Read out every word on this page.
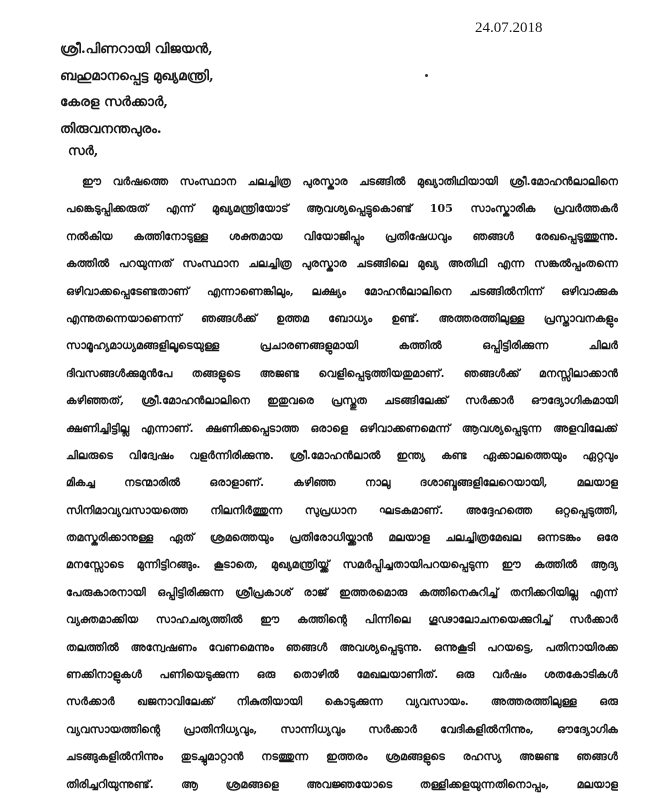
24.07.2018
ശ്രീ.പിണറായി വിജയൻ,
ബഹുമാനപ്പെട്ട മുഖ്യമന്ത്രി,
കേരള സർക്കാർ,
തിരുവനന്തപുരം.
സർ,
ഈ വർഷത്തെ സംസ്ഥാന ചലച്ചിത്ര പുരസ്കാര ചടങ്ങിൽ മുഖ്യാതിഥിയായി ശ്രീ.മോഹൻലാലിനെ
പങ്കെടുപ്പിക്കരുത് എന്ന് മുഖ്യമന്ത്രിയോട് ആവശ്യപ്പെട്ടുകൊണ്ട് 105 സാംസ്കാരിക പ്രവർത്തകർ
നൽകിയ കത്തിനോടുള്ള ശക്തമായ വിയോജിപ്പും പ്രതിഷേധവും ഞങ്ങൾ രേഖപ്പെടുത്തുന്നു.
കത്തിൽ പറയുന്നത് സംസ്ഥാന ചലച്ചിത്ര പുരസ്കാര ചടങ്ങിലെ മുഖ്യ അതിഥി എന്ന സങ്കൽപ്പംതന്നെ
ഒഴിവാക്കപ്പെടേണ്ടതാണ് എന്നാണെങ്കിലും, ലക്ഷ്യം മോഹൻലാലിനെ ചടങ്ങിൽനിന്ന് ഒഴിവാക്കുക
എന്നുതന്നെയാണെന്ന് ഞങ്ങൾക്ക് ഉത്തമ ബോധ്യം ഉണ്ട്. അത്തരത്തിലുള്ള പ്രസ്താവനകളും
സാമൂഹ്യമാധ്യമങ്ങളിലൂടെയുള്ള പ്രചാരണങ്ങളുമായി കത്തിൽ ഒപ്പിട്ടിരിക്കുന്ന ചിലർ
ദിവസങ്ങൾക്കുമുൻപേ തങ്ങളുടെ അജണ്ട വെളിപ്പെടുത്തിയതുമാണ്. ഞങ്ങൾക്ക് മനസ്സിലാക്കാൻ
കഴിഞ്ഞത്, ശ്രീ.മോഹൻലാലിനെ ഇതുവരെ പ്രസ്തുത ചടങ്ങിലേക്ക് സർക്കാർ ഔദ്യോഗികമായി
ക്ഷണിച്ചിട്ടില്ല എന്നാണ്. ക്ഷണിക്കപ്പെടാത്ത ഒരാളെ ഒഴിവാക്കണമെന്ന് ആവശ്യപ്പെടുന്ന അളവിലേക്ക്
ചിലരുടെ വിദ്വേഷം വളർന്നിരിക്കുന്നു. ശ്രീ.മോഹൻലാൽ ഇന്ത്യ കണ്ട ഏക്കാലത്തെയും ഏറ്റവും
മികച്ച നടന്മാരിൽ ഒരാളാണ്. കഴിഞ്ഞ നാലു ദശാബ്ദങ്ങളിലേറെയായി, മലയാള
സിനിമാവ്യവസായത്തെ നിലനിർത്തുന്ന സുപ്രധാന ഘടകമാണ്. അദ്ദേഹത്തെ ഒറ്റപ്പെടുത്തി,
തമസ്കരിക്കാനുള്ള ഏത് ശ്രമത്തെയും പ്രതിരോധിയ്ക്കാൻ മലയാള ചലച്ചിത്രമേഖല ഒന്നടങ്കം ഒരേ
മനസ്സോടെ മുന്നിട്ടിറങ്ങും. കൂടാതെ, മുഖ്യമന്ത്രിയ്ക്ക് സമർപ്പിച്ചതായിപറയപ്പെടുന്ന ഈ കത്തിൽ ആദ്യ
പേരുകാരനായി ഒപ്പിട്ടിരിക്കുന്ന ശ്രീപ്രകാശ് രാജ് ഇത്തരമൊരു കത്തിനെകുറിച്ച് തനിക്കറിയില്ല എന്ന്
വ്യക്തമാക്കിയ സാഹചര്യത്തിൽ ഈ കത്തിന്റെ പിന്നിലെ ഗൂഢാലോചനയെക്കുറിച്ച് സർക്കാർ
തലത്തിൽ അന്വേഷണം വേണമെന്നും ഞങ്ങൾ അവശ്യപ്പെടുന്നു. ഒന്നുകൂടി പറയട്ടെ, പതിനായിരക്ക
ണക്കിനാളുകൾ പണിയെടുക്കുന്ന ഒരു തൊഴിൽ മേഖലയാണിത്. ഒരു വർഷം ശതകോടികൾ
സർക്കാർ ഖജനാവിലേക്ക് നികുതിയായി കൊടുക്കുന്ന വ്യവസായം. അത്തരത്തിലുള്ള ഒരു
വ്യവസായത്തിന്റെ പ്രാതിനിധ്യവും, സാന്നിധ്യവും സർക്കാർ വേദികളിൽനിന്നും, ഔദ്യോഗിക
ചടങ്ങുകളിൽനിന്നും തുടച്ചുമാറ്റാൻ നടത്തുന്ന ഇത്തരം ശ്രമങ്ങളുടെ രഹസ്യ അജണ്ട ഞങ്ങൾ
തിരിച്ചറിയുന്നുണ്ട്. ആ ശ്രമങ്ങളെ അവജ്ഞയോടെ തള്ളിക്കളയുന്നതിനൊപ്പം, മലയാള
